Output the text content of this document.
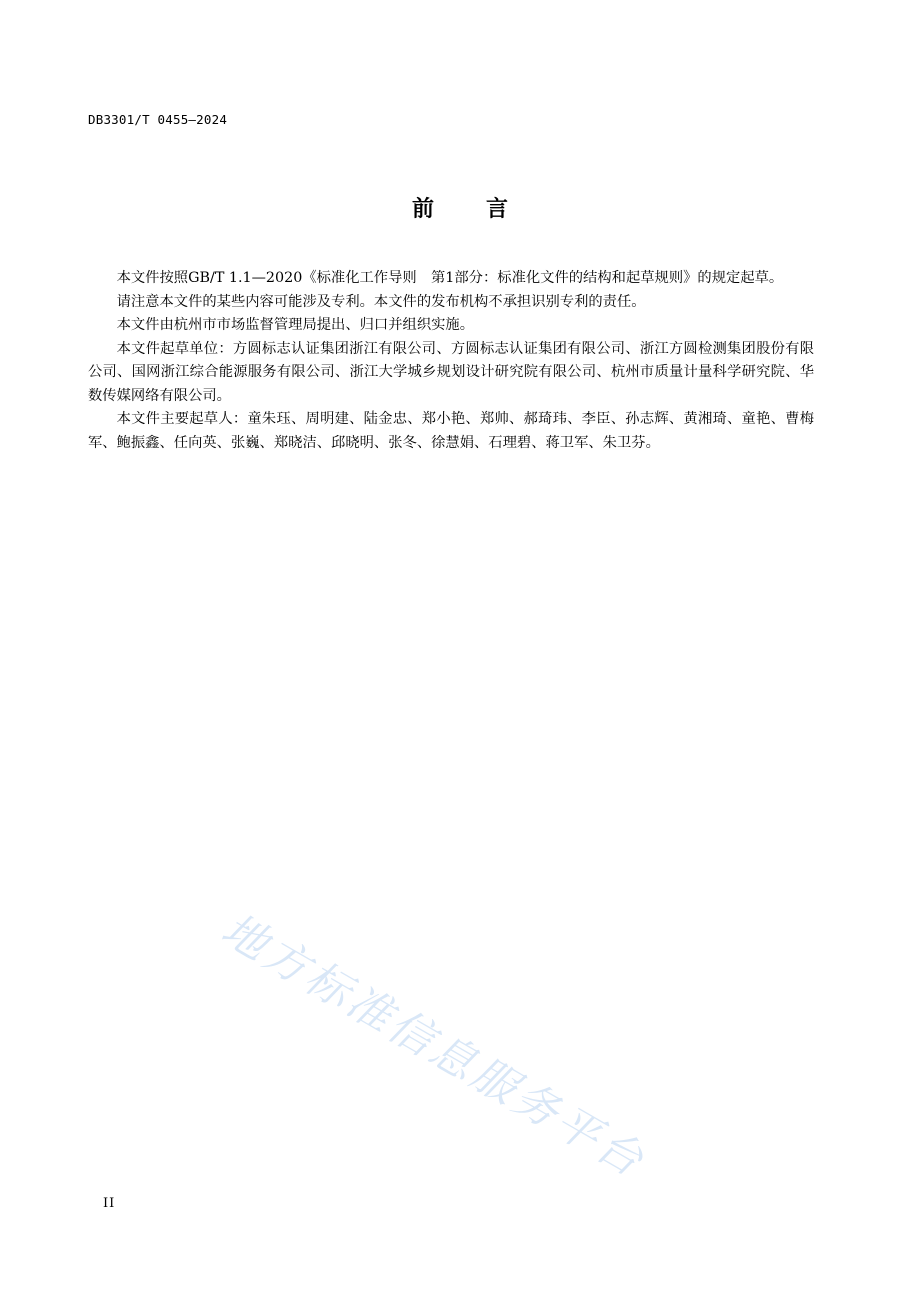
DB3301/T 0455—2024
前言

本文件按照GB/T 1.1—2020《标准化工作导则　第1部分：标准化文件的结构和起草规则》的规定起草。

请注意本文件的某些内容可能涉及专利。本文件的发布机构不承担识别专利的责任。

本文件由杭州市市场监督管理局提出、归口并组织实施。

本文件起草单位：方圆标志认证集团浙江有限公司、方圆标志认证集团有限公司、浙江方圆检测集团股份有限公司、国网浙江综合能源服务有限公司、浙江大学城乡规划设计研究院有限公司、杭州市质量计量科学研究院、华数传媒网络有限公司。

本文件主要起草人：童朱珏、周明建、陆金忠、郑小艳、郑帅、郝琦玮、李臣、孙志辉、黄湘琦、童艳、曹梅军、鲍振鑫、任向英、张巍、郑晓洁、邱晓明、张冬、徐慧娟、石理碧、蒋卫军、朱卫芬。

地方标准信息服务平台
II
